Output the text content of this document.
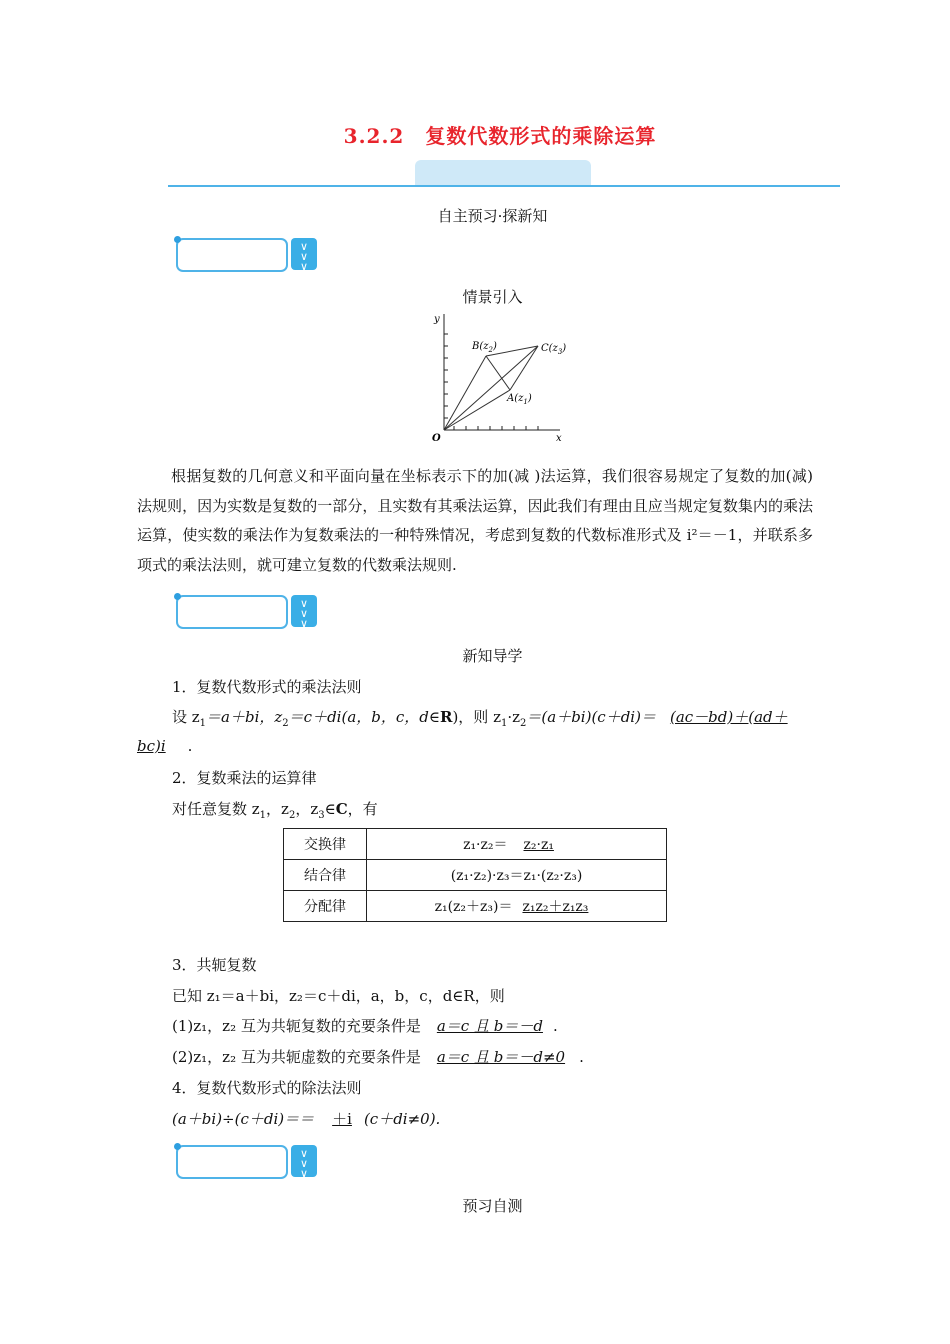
3.2.2　复数代数形式的乘除运算
自主预习·探新知
∨
∨
∨
情景引入
y
x
O
$B(z_2)$	$C(z_3)$
$A(z_1)$
根据复数的几何意义和平面向量在坐标表示下的加(减 )法运算，我们很容易规定了复数的加(减)法规则，因为实数是复数的一部分，且实数有其乘法运算，因此我们有理由且应当规定复数集内的乘法运算，使实数的乘法作为复数乘法的一种特殊情况，考虑到复数的代数标准形式及 i²＝－1，并联系多项式的乘法法则，就可建立复数的代数乘法规则.
∨
∨
∨
新知导学
1．复数代数形式的乘法法则
设 $z_1=a+bi$，$z_2=c+di(a$，b，c，d∈R)，则 $z_1\cdot z_2=(a+bi)(c+di)= (ac-bd)+(ad+$
bc)i .
2．复数乘法的运算律
对任意复数 $z_1$，$z_2$，$z_3\in C$，有
交换律	z₁·z₂＝ z₂·z₁
结合律	(z₁·z₂)·z₃＝z₁·(z₂·z₃)
分配律	z₁(z₂＋z₃)＝ z₁z₂＋z₁z₃
3．共轭复数
已知 z₁＝a＋bi，z₂＝c＋di，a，b，c，d∈R，则
(1)z₁，z₂ 互为共轭复数的充要条件是 a＝c 且 b＝－d .
(2)z₁，z₂ 互为共轭虚数的充要条件是 a＝c 且 b＝－d≠0 .
4．复数代数形式的除法法则
(a＋bi)÷(c＋di)＝＝ ＋i (c＋di≠0).
∨
∨
∨
预习自测
